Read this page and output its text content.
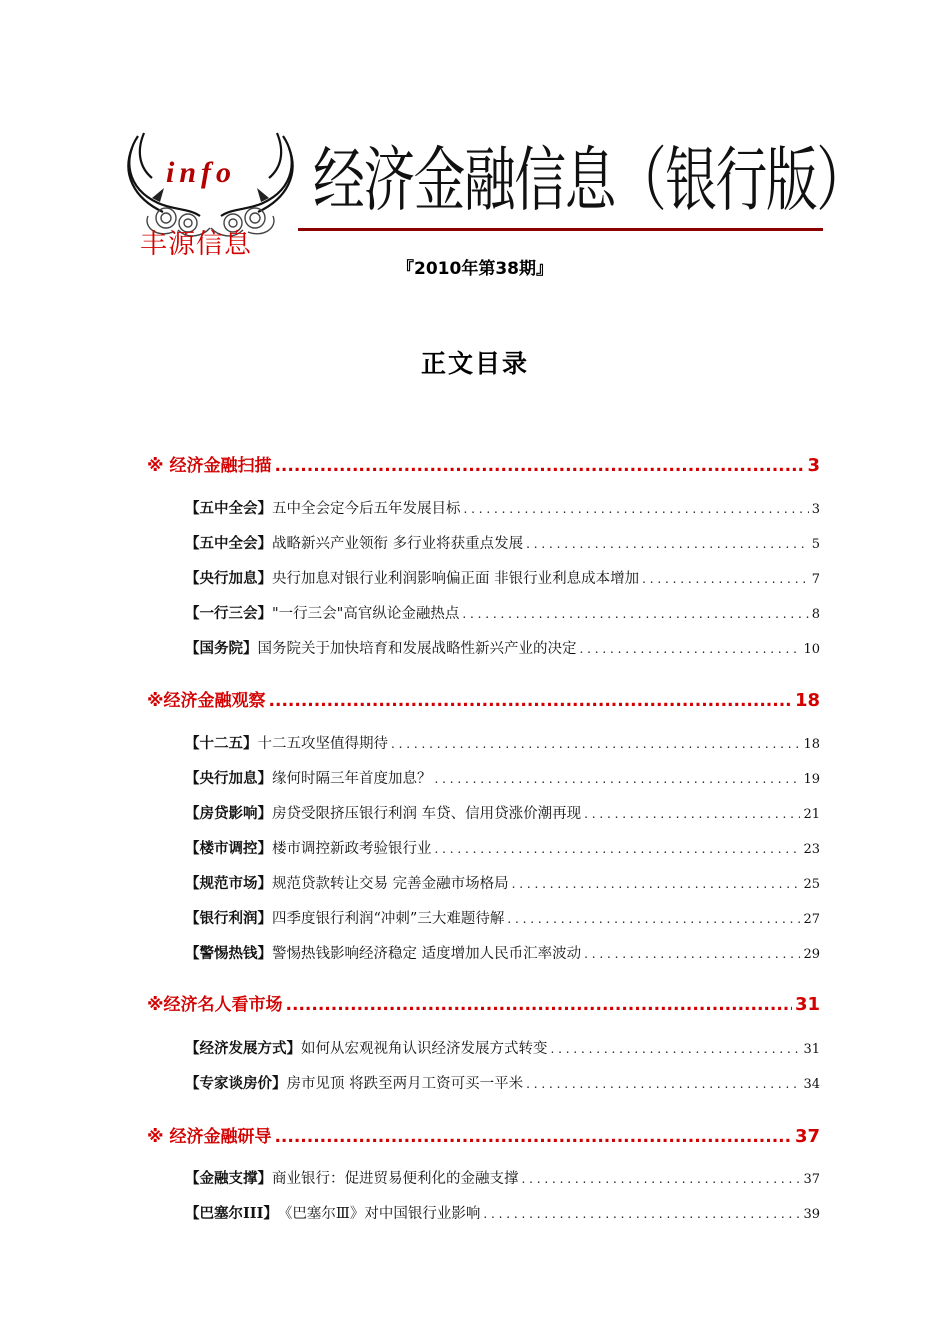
info
丰源信息
经济金融信息（银行版）
『2010年第38期』
正文目录
※ 经济金融扫描 .....	3
【五中全会】 五中全会定今后五年发展目标 . . .	3
【五中全会】 战略新兴产业领衔 多行业将获重点发展 . . .	5
【央行加息】 央行加息对银行业利润影响偏正面 非银行业利息成本增加 . . .	7
【一行三会】 "一行三会"高官纵论金融热点 . . .	8
【国务院】 国务院关于加快培育和发展战略性新兴产业的决定 . . .	10
※经济金融观察 .....	18
【十二五】 十二五攻坚值得期待 . . .	18
【央行加息】 缘何时隔三年首度加息？ . . .	19
【房贷影响】 房贷受限挤压银行利润 车贷、信用贷涨价潮再现 . . .	21
【楼市调控】 楼市调控新政考验银行业 . . .	23
【规范市场】 规范贷款转让交易 完善金融市场格局 . . .	25
【银行利润】 四季度银行利润“冲刺”三大难题待解 . . .	27
【警惕热钱】 警惕热钱影响经济稳定 适度增加人民币汇率波动 . . .	29
※经济名人看市场 .....	31
【经济发展方式】 如何从宏观视角认识经济发展方式转变 . . .	31
【专家谈房价】 房市见顶 将跌至两月工资可买一平米 . . .	34
※ 经济金融研导 .....	37
【金融支撑】 商业银行：促进贸易便利化的金融支撑 . . .	37
【巴塞尔III】 《巴塞尔Ⅲ》对中国银行业影响 . . .	39
